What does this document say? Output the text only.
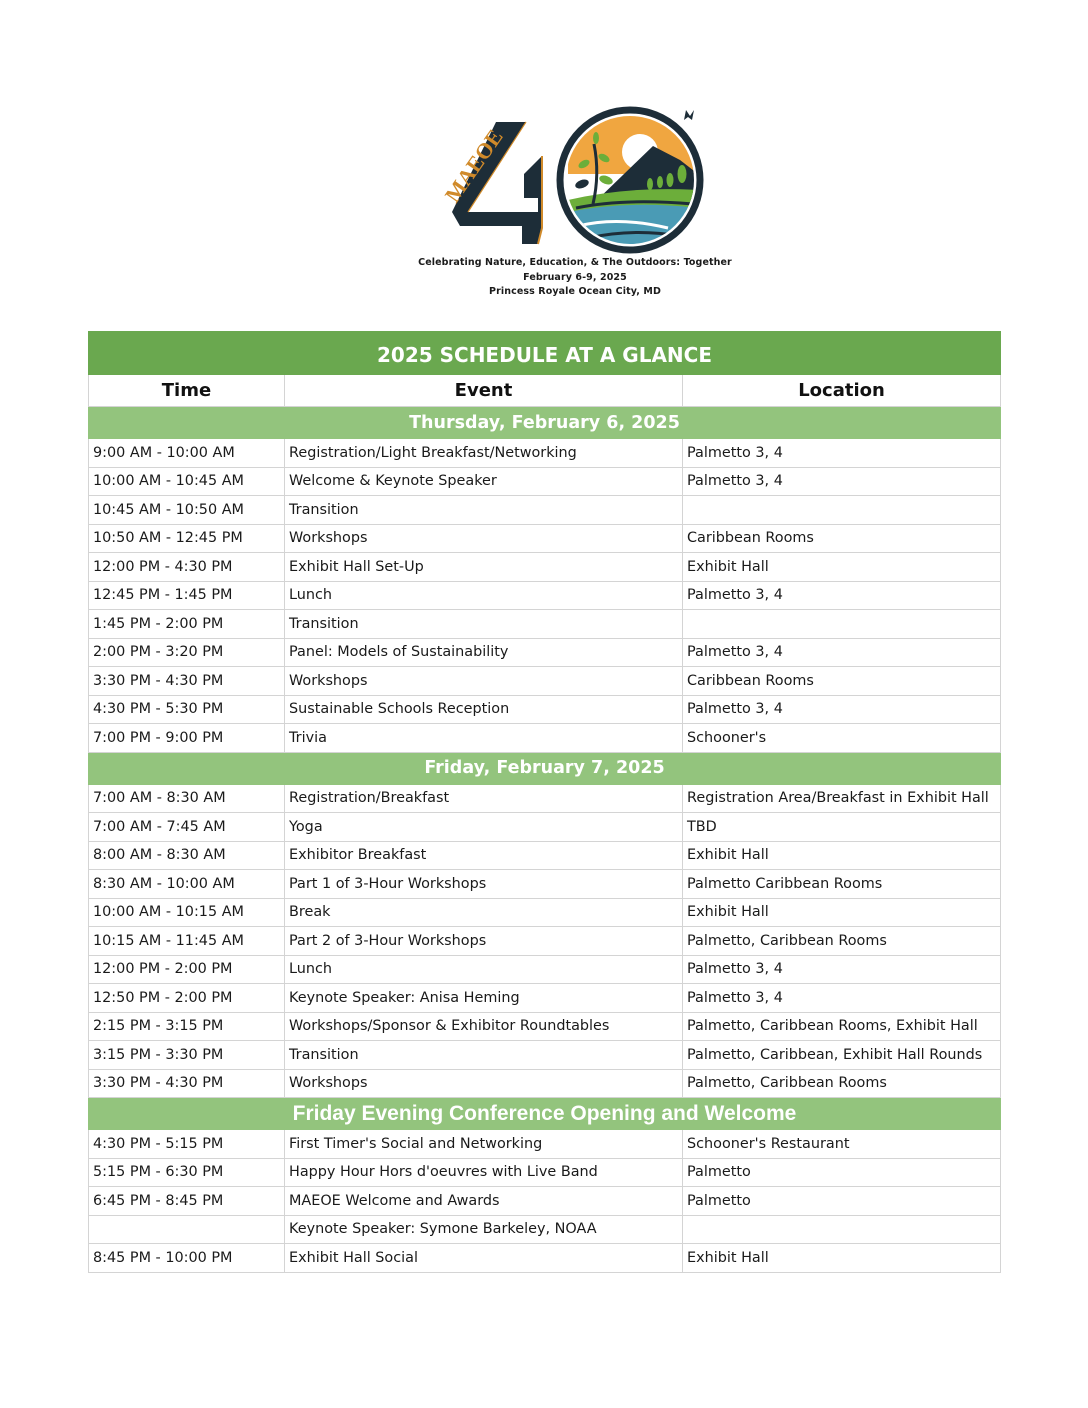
MAEOE
Celebrating Nature, Education, & The Outdoors: Together
February 6-9, 2025
Princess Royale Ocean City, MD
2025 SCHEDULE AT A GLANCE		
Time	Event	Location
Thursday, February 6, 2025		
9:00 AM - 10:00 AM	Registration/Light Breakfast/Networking	Palmetto 3, 4
10:00 AM - 10:45 AM	Welcome & Keynote Speaker	Palmetto 3, 4
10:45 AM - 10:50 AM	Transition	
10:50 AM - 12:45 PM	Workshops	Caribbean Rooms
12:00 PM - 4:30 PM	Exhibit Hall Set-Up	Exhibit Hall
12:45 PM - 1:45 PM	Lunch	Palmetto 3, 4
1:45 PM - 2:00 PM	Transition	
2:00 PM - 3:20 PM	Panel: Models of Sustainability	Palmetto 3, 4
3:30 PM - 4:30 PM	Workshops	Caribbean Rooms
4:30 PM - 5:30 PM	Sustainable Schools Reception	Palmetto 3, 4
7:00 PM - 9:00 PM	Trivia	Schooner's
Friday, February 7, 2025		
7:00 AM - 8:30 AM	Registration/Breakfast	Registration Area/Breakfast in Exhibit Hall
7:00 AM - 7:45 AM	Yoga	TBD
8:00 AM - 8:30 AM	Exhibitor Breakfast	Exhibit Hall
8:30 AM - 10:00 AM	Part 1 of 3-Hour Workshops	Palmetto Caribbean Rooms
10:00 AM - 10:15 AM	Break	Exhibit Hall
10:15 AM - 11:45 AM	Part 2 of 3-Hour Workshops	Palmetto, Caribbean Rooms
12:00 PM - 2:00 PM	Lunch	Palmetto 3, 4
12:50 PM - 2:00 PM	Keynote Speaker: Anisa Heming	Palmetto 3, 4
2:15 PM - 3:15 PM	Workshops/Sponsor & Exhibitor Roundtables	Palmetto, Caribbean Rooms, Exhibit Hall
3:15 PM - 3:30 PM	Transition	Palmetto, Caribbean, Exhibit Hall Rounds
3:30 PM - 4:30 PM	Workshops	Palmetto, Caribbean Rooms
Friday Evening Conference Opening and Welcome		
4:30 PM - 5:15 PM	First Timer's Social and Networking	Schooner's Restaurant
5:15 PM - 6:30 PM	Happy Hour Hors d'oeuvres with Live Band	Palmetto
6:45 PM - 8:45 PM	MAEOE Welcome and Awards	Palmetto
	Keynote Speaker: Symone Barkeley, NOAA	
8:45 PM - 10:00 PM	Exhibit Hall Social	Exhibit Hall
